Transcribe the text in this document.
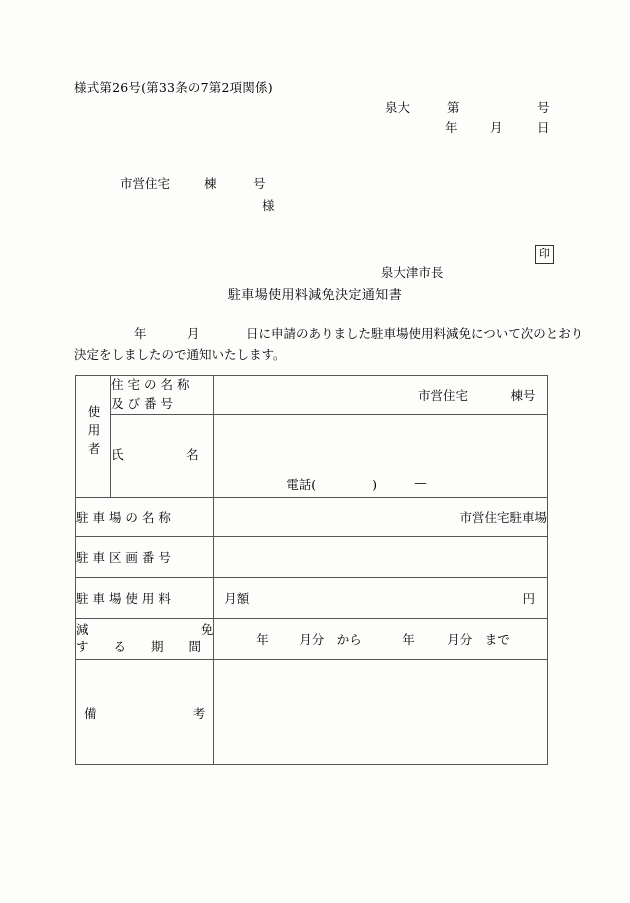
様式第26号(第33条の7第2項関係)

泉大

	第

	号

年

	月

	日

市営住宅

	棟

	号

様

泉大津市長

印

駐車場使用料減免決定通知書

年

	月

	日に申請のありました駐車場使用料減免について次のとおり

決定をしましたので通知いたします。
使用者	住 宅 の 名 称
及 び 番 号	市営住宅 棟号

	氏　　　　　名	電話( ) —

駐 車 場 の 名 称		市営住宅駐車場
駐 車 区 画 番 号		
駐 車 場 使 用 料		月額 円

減	免
す　　る　　期　　間	年 月分　から	年	月分　まで

備 考		
